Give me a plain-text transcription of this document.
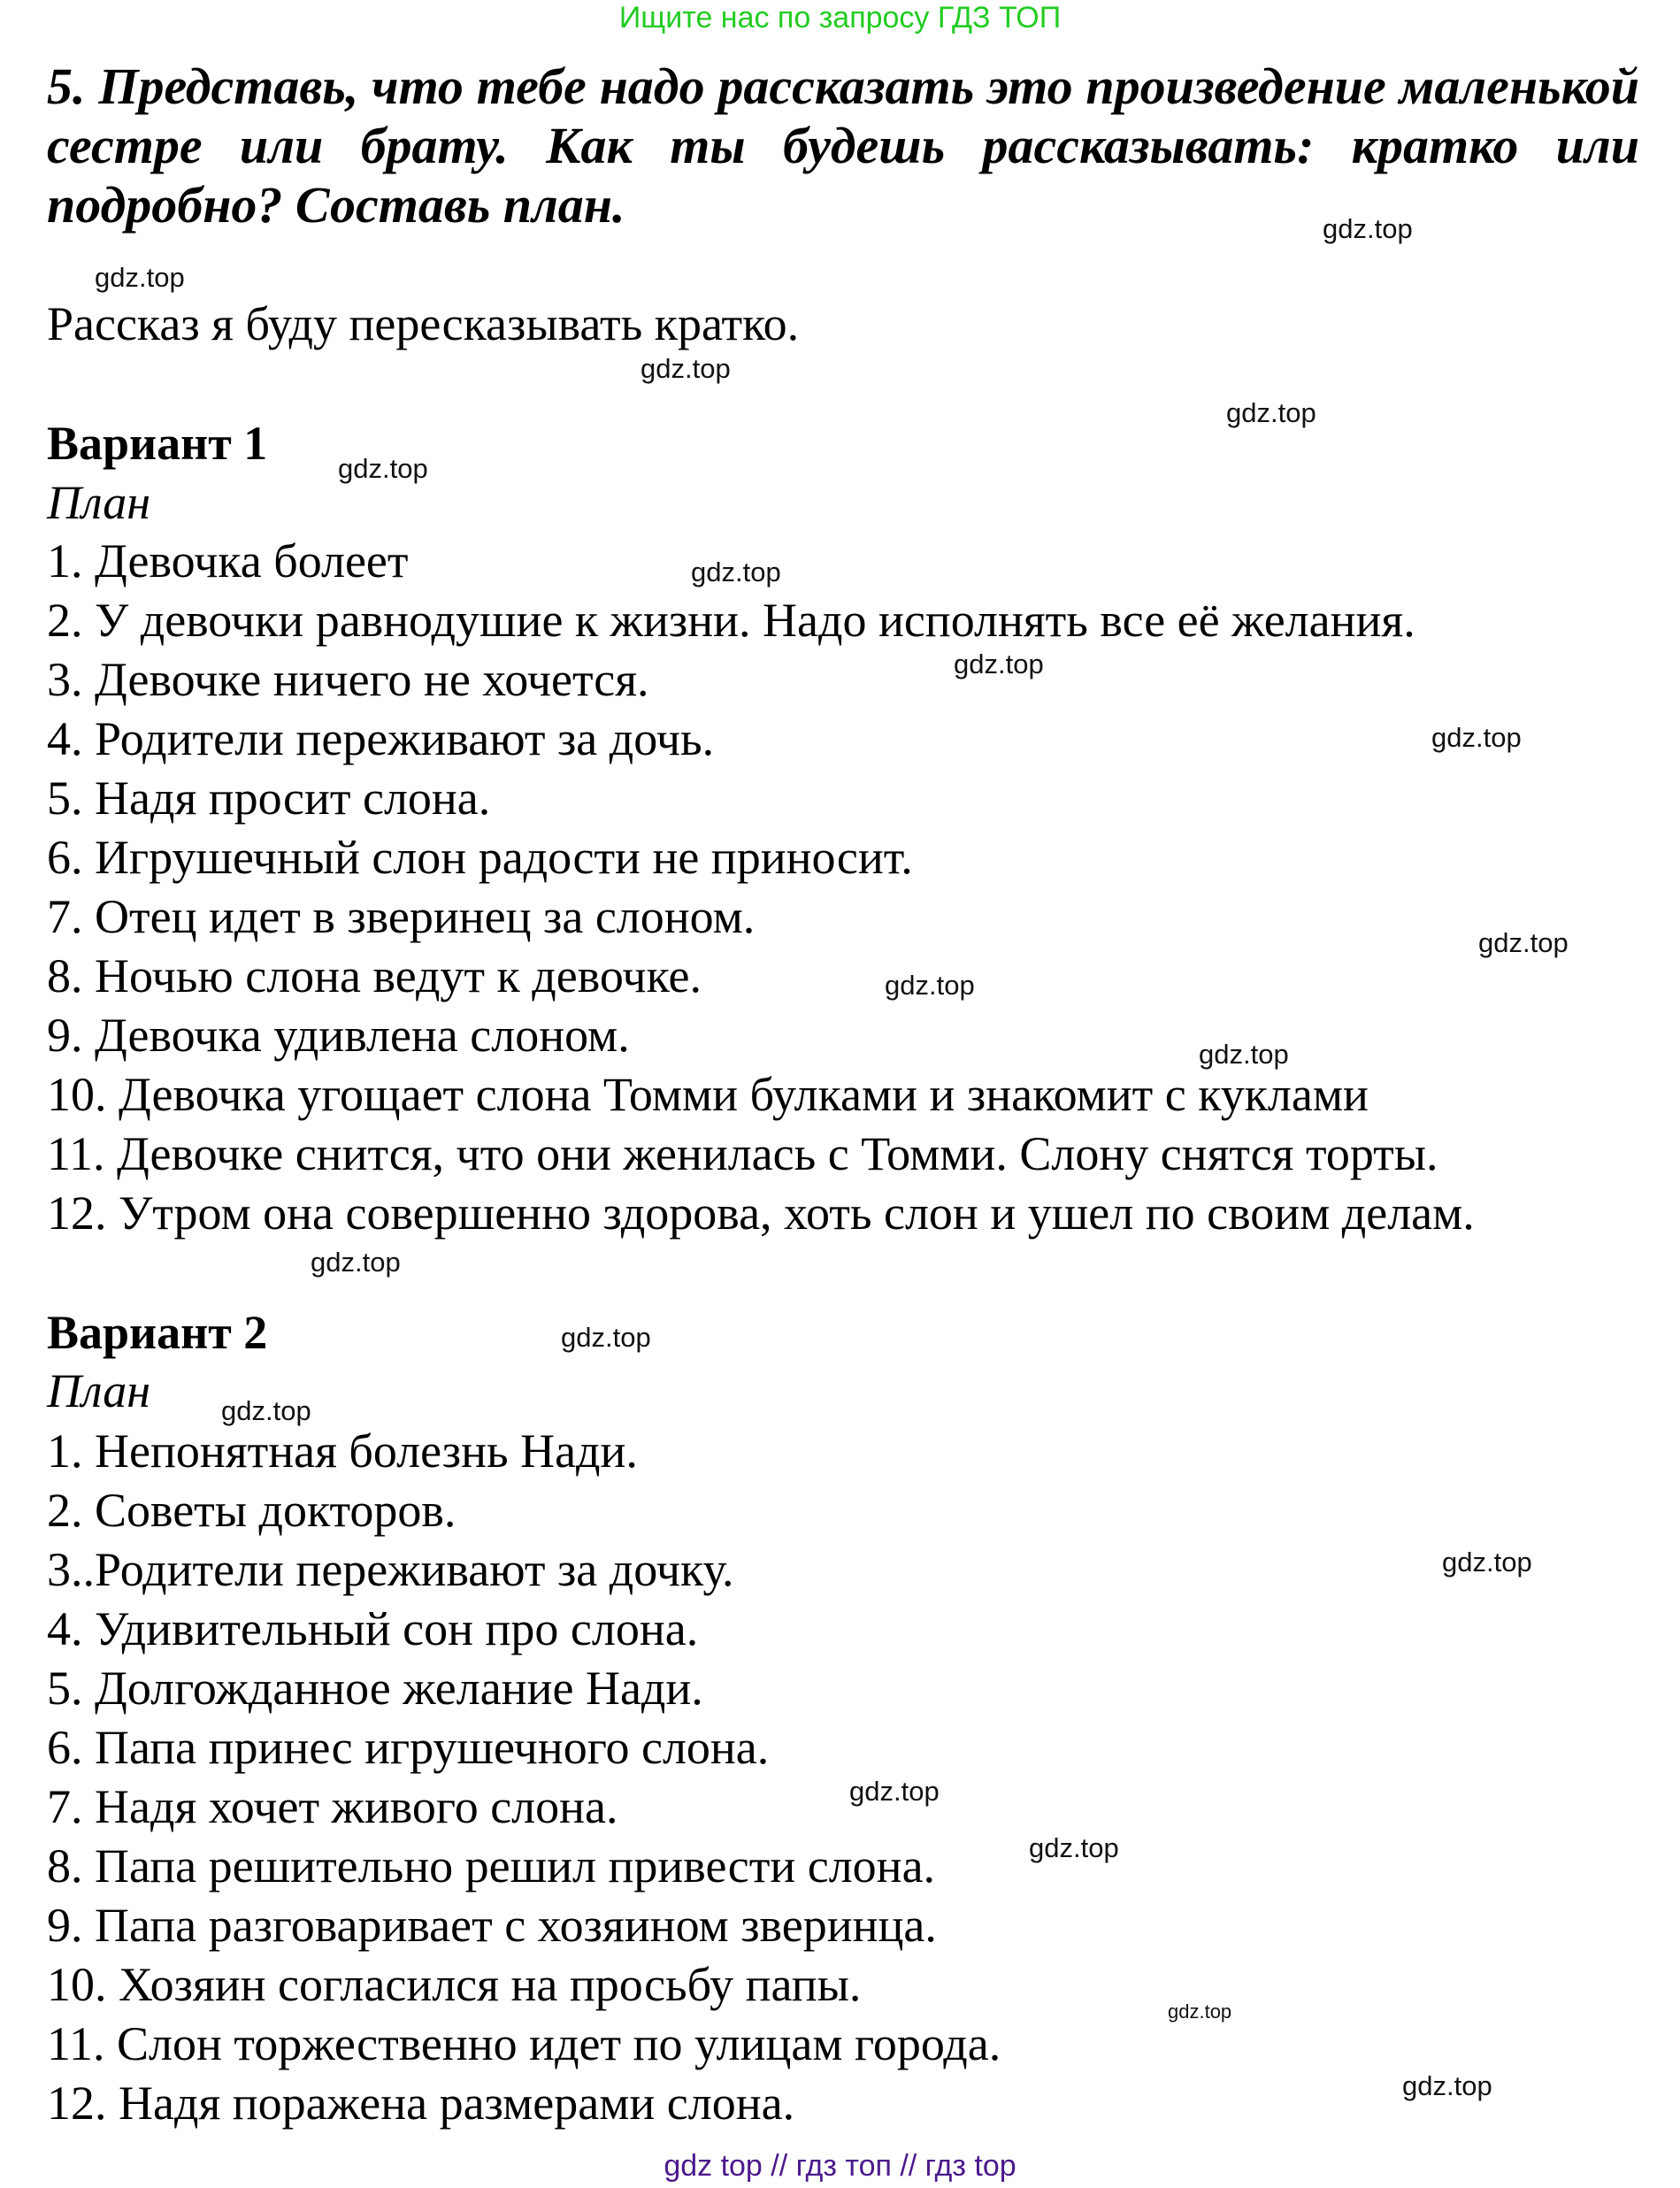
Ищите нас по запросу ГДЗ ТОП
5. Представь, что тебе надо рассказать это произведение маленькой сестре или брату. Как ты будешь рассказывать: кратко или подробно? Составь план.
Рассказ я буду пересказывать кратко.
Вариант 1
План
1. Девочка болеет
2. У девочки равнодушие к жизни. Надо исполнять все её желания.
3. Девочке ничего не хочется.
4. Родители переживают за дочь.
5. Надя просит слона.
6. Игрушечный слон радости не приносит.
7. Отец идет в зверинец за слоном.
8. Ночью слона ведут к девочке.
9. Девочка удивлена слоном.
10. Девочка угощает слона Томми булками и знакомит с куклами
11. Девочке снится, что они женилась с Томми. Слону снятся торты.
12. Утром она совершенно здорова, хоть слон и ушел по своим делам.
Вариант 2
План
1. Непонятная болезнь Нади.
2. Советы докторов.
3..Родители переживают за дочку.
4. Удивительный сон про слона.
5. Долгожданное желание Нади.
6. Папа принес игрушечного слона.
7. Надя хочет живого слона.
8. Папа решительно решил привести слона.
9. Папа разговаривает с хозяином зверинца.
10. Хозяин согласился на просьбу папы.
11. Слон торжественно идет по улицам города.
12. Надя поражена размерами слона.
gdz.top
gdz.top
gdz.top
gdz.top
gdz.top
gdz.top
gdz.top
gdz.top
gdz.top
gdz.top
gdz.top
gdz.top
gdz.top
gdz.top
gdz.top
gdz.top
gdz.top
gdz.top
gdz.top
gdz top // гдз топ // гдз top
